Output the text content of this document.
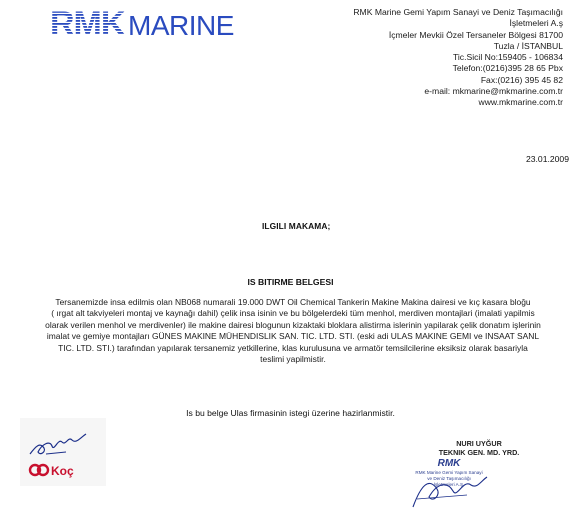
RMK MARINE	RMK Marine Gemi Yapım Sanayi ve Deniz Taşımacılığı
İşletmeleri A.ş
İçmeler Mevkii Özel Tersaneler Bölgesi 81700
Tuzla / İSTANBUL
Tic.Sicil No:159405 - 106834
Telefon:(0216)395 28 65 Pbx
Fax:(0216) 395 45 82
e-mail: mkmarine@mkmarine.com.tr
www.mkmarine.com.tr
23.01.2009
ILGILI MAKAMA;
IS BITIRME BELGESI
Tersanemizde insa edilmis olan NB068 numarali 19.000 DWT Oil Chemical Tankerin Makine Makina dairesi ve kıç kasara bloğu
( ırgat alt takviyeleri montaj ve kaynağı dahil) çelik insa isinin ve bu bölgelerdeki tüm menhol, merdiven montajlari (imalati yapilmis
olarak verilen menhol ve merdivenler) ile makine dairesi blogunun kizaktaki bloklara alistirma islerinin yapilarak çelik donatım işlerinin
imalat ve gemiye montajları GÜNES MAKINE MÜHENDISLIK SAN. TIC. LTD. STI. (eski adi ULAS MAKINE GEMI ve INSAAT SANL
TIC. LTD. STI.) tarafından yapılarak tersanemiz yetkillerine, klas kurulusuna ve armatör temsilcilerine eksiksiz olarak basariyla
teslimi yapilmistir.
Is bu belge Ulas firmasinin istegi üzerine hazirlanmistir.
Koç
NURI UYĞUR
TEKNIK GEN. MD. YRD.
RMK
RMK Marine Gemi Yapım Sanayi
ve Deniz Taşımacılığı
İşletmeleri A.Ş.
